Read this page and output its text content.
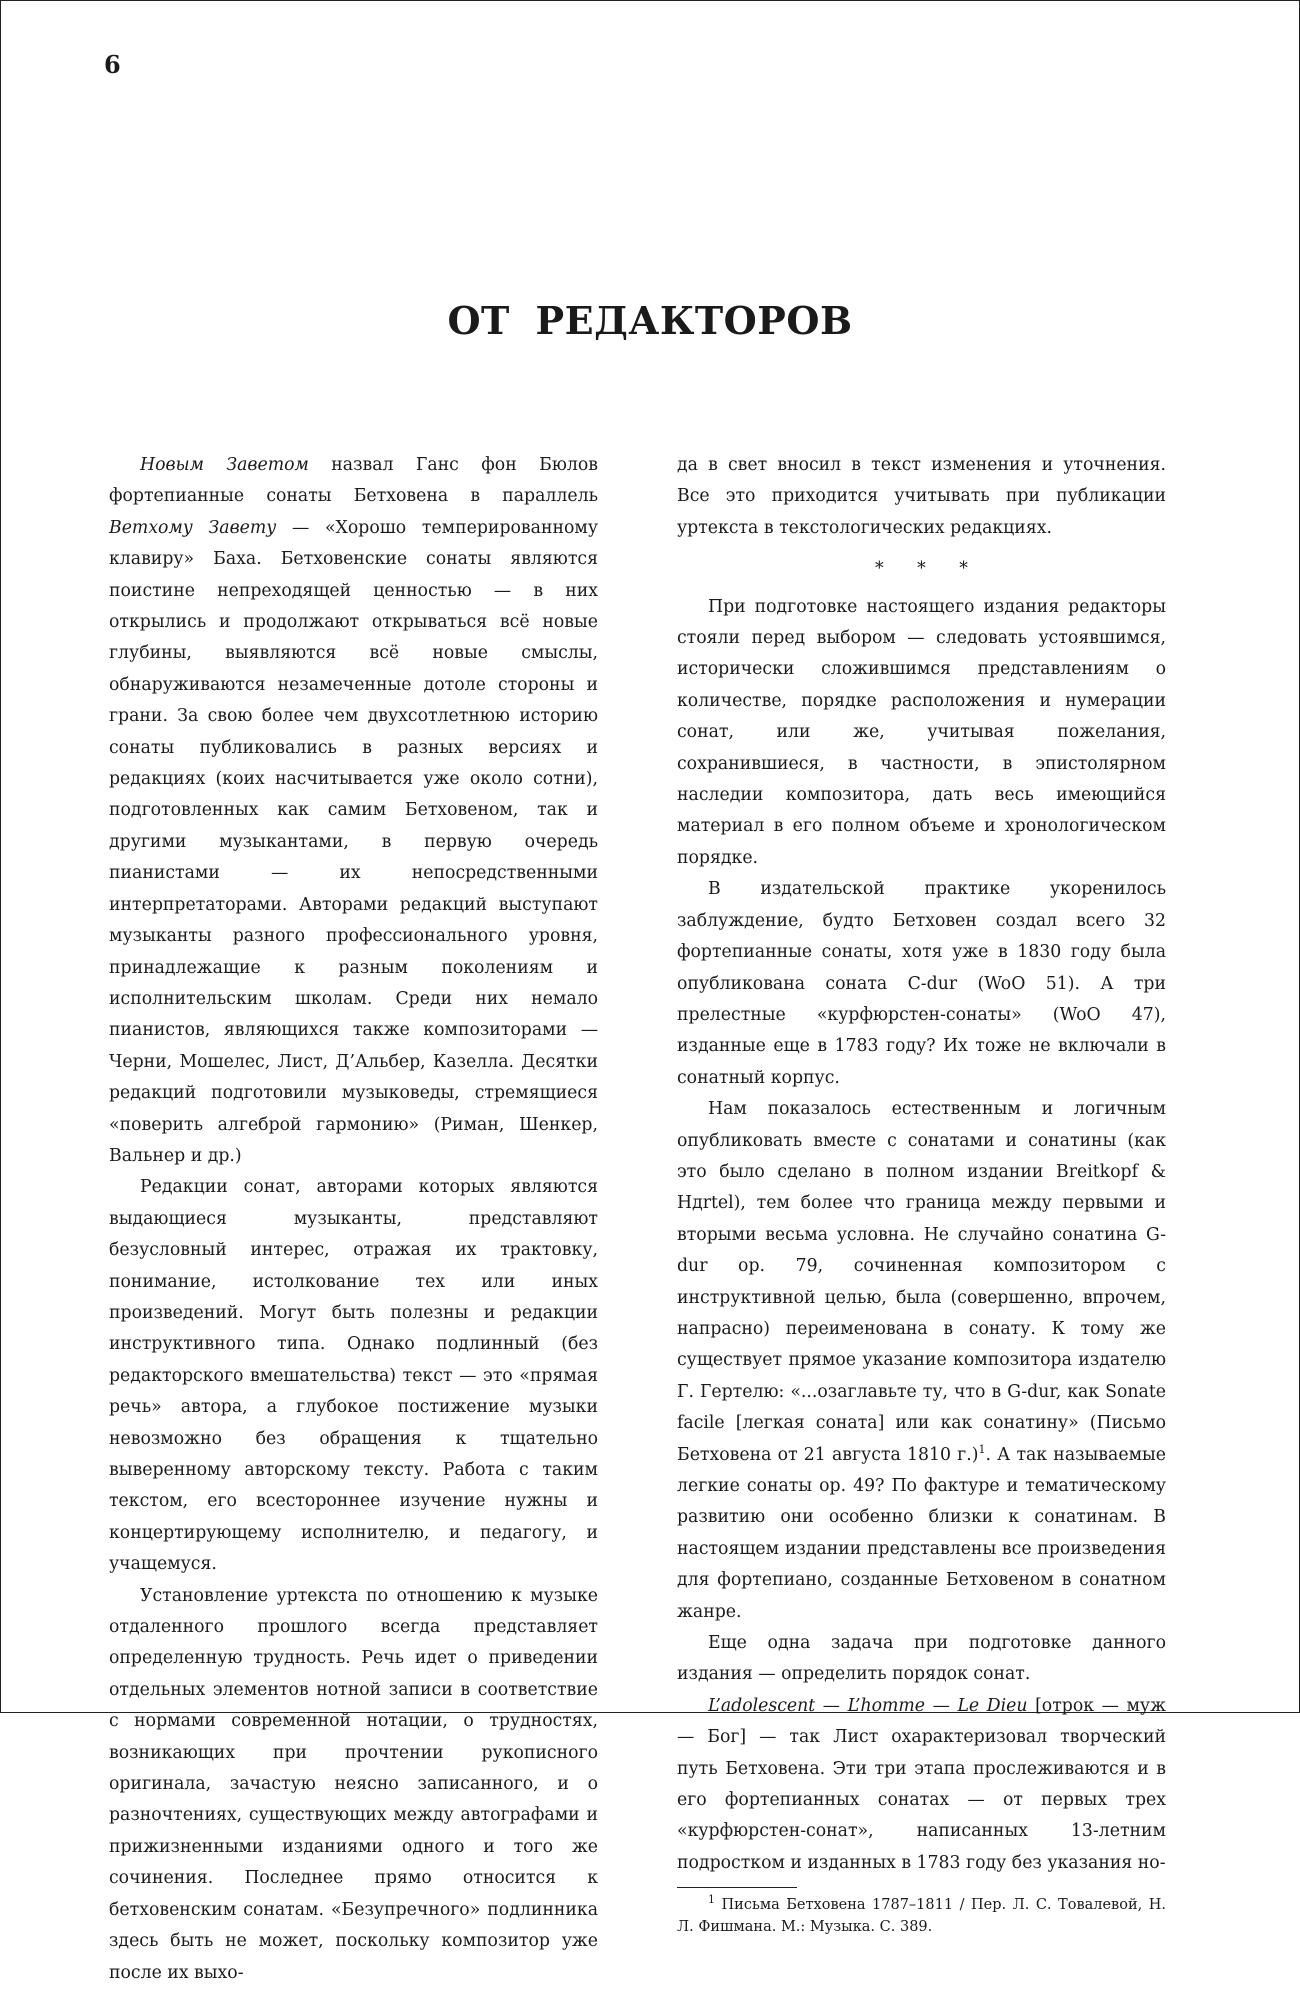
6
ОТ РЕДАКТОРОВ

Новым Заветом назвал Ганс фон Бюлов фортепианные сонаты Бетховена в параллель Ветхому Завету — «Хорошо темперированному клавиру» Баха. Бетховенские сонаты являются поистине непреходящей ценностью — в них открылись и продолжают открываться всё новые глубины, выявляются всё новые смыслы, обнаруживаются незамеченные дотоле стороны и грани. За свою более чем двухсотлетнюю историю сонаты публиковались в разных версиях и редакциях (коих насчитывается уже около сотни), подготовленных как самим Бетховеном, так и другими музыкантами, в первую очередь пианистами — их непосредственными интерпретаторами. Авторами редакций выступают музыканты разного профессионального уровня, принадлежащие к разным поколениям и исполнительским школам. Среди них немало пианистов, являющихся также композиторами — Черни, Мошелес, Лист, Д’Альбер, Казелла. Десятки редакций подготовили музыковеды, стремящиеся «поверить алгеброй гармонию» (Риман, Шенкер, Вальнер и др.)

Редакции сонат, авторами которых являются выдающиеся музыканты, представляют безусловный интерес, отражая их трактовку, понимание, истолкование тех или иных произведений. Могут быть полезны и редакции инструктивного типа. Однако подлинный (без редакторского вмешательства) текст — это «прямая речь» автора, а глубокое постижение музыки невозможно без обращения к тщательно выверенному авторскому тексту. Работа с таким текстом, его всестороннее изучение нужны и концертирующему исполнителю, и педагогу, и учащемуся.

Установление уртекста по отношению к музыке отдаленного прошлого всегда представляет определенную трудность. Речь идет о приведении отдельных элементов нотной записи в соответствие с нормами современной нотации, о трудностях, возникающих при прочтении рукописного оригинала, зачастую неясно записанного, и о разночтениях, существующих между автографами и прижизненными изданиями одного и того же сочинения. Последнее прямо относится к бетховенским сонатам. «Безупречного» подлинника здесь быть не может, поскольку композитор уже после их выхо-

да в свет вносил в текст изменения и уточнения. Все это приходится учитывать при публикации уртекста в текстологических редакциях.

* * *

При подготовке настоящего издания редакторы стояли перед выбором — следовать устоявшимся, исторически сложившимся представлениям о количестве, порядке расположения и нумерации сонат, или же, учитывая пожелания, сохранившиеся, в частности, в эпистолярном наследии композитора, дать весь имеющийся материал в его полном объеме и хронологическом порядке.

В издательской практике укоренилось заблуждение, будто Бетховен создал всего 32 фортепианные сонаты, хотя уже в 1830 году была опубликована соната C-dur (WoO 51). А три прелестные «курфюрстен-сонаты» (WoO 47), изданные еще в 1783 году? Их тоже не включали в сонатный корпус.

Нам показалось естественным и логичным опубликовать вместе с сонатами и сонатины (как это было сделано в полном издании Breitkopf & Hдrtel), тем более что граница между первыми и вторыми весьма условна. Не случайно сонатина G-dur op. 79, сочиненная композитором с инструктивной целью, была (совершенно, впрочем, напрасно) переименована в сонату. К тому же существует прямое указание композитора издателю Г. Гертелю: «...озаглавьте ту, что в G-dur, как Sonate facile [легкая соната] или как сонатину» (Письмо Бетховена от 21 августа 1810 г.)$^1$. А так называемые легкие сонаты op. 49? По фактуре и тематическому развитию они особенно близки к сонатинам. В настоящем издании представлены все произведения для фортепиано, созданные Бетховеном в сонатном жанре.

Еще одна задача при подготовке данного издания — определить порядок сонат.

L’adolescent — L’homme — Le Dieu [отрок — муж — Бог] — так Лист охарактеризовал творческий путь Бетховена. Эти три этапа прослеживаются и в его фортепианных сонатах — от первых трех «курфюрстен-сонат», написанных 13-летним подростком и изданных в 1783 году без указания но-

$^1$ Письма Бетховена 1787–1811 / Пер. Л. С. Товалевой, Н. Л. Фишмана. М.: Музыка. С. 389.
